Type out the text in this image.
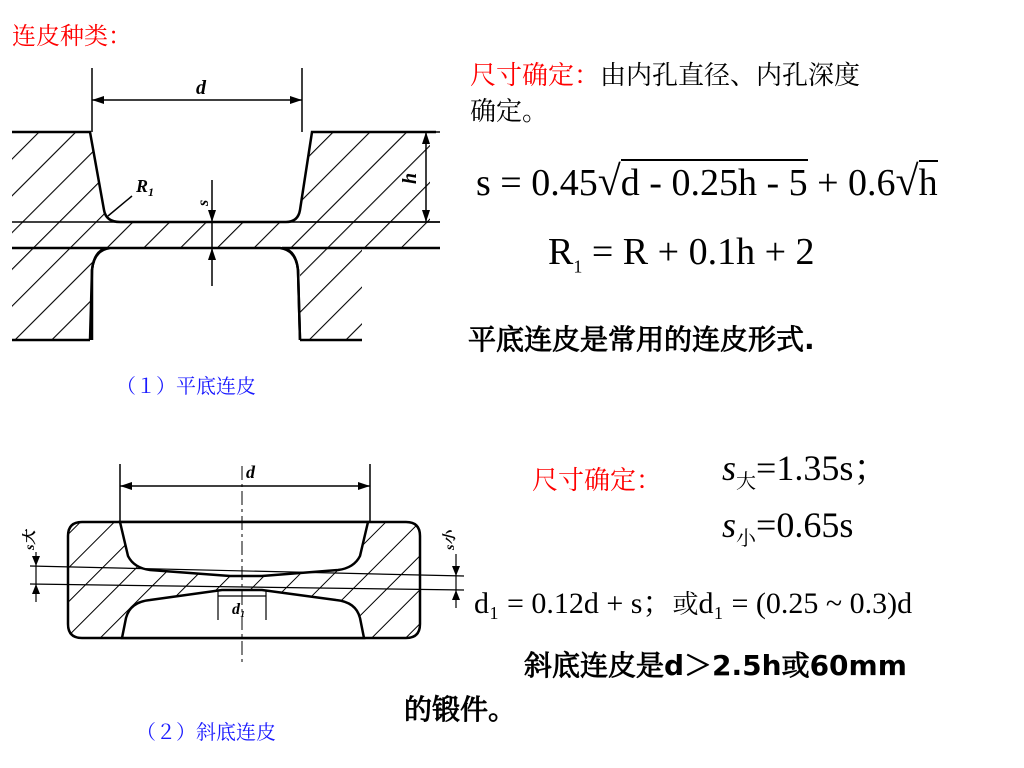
连皮种类：
d
h
s
$R_1$
（１）平底连皮
尺寸确定：由内孔直径、内孔深度
确定。
s = 0.45√d - 0.25h - 5 + 0.6√h
$R_1 = R + 0.1h + 2$
平底连皮是常用的连皮形式.
d
s大	s小
d₁
（２）斜底连皮
尺寸确定： $s_大=1.35s$；
$s_小=0.65s$
d₁ = 0.12d + s；或d₁ = (0.25 ~ 0.3)d
斜底连皮是d＞2.5h或60mm
的锻件。
